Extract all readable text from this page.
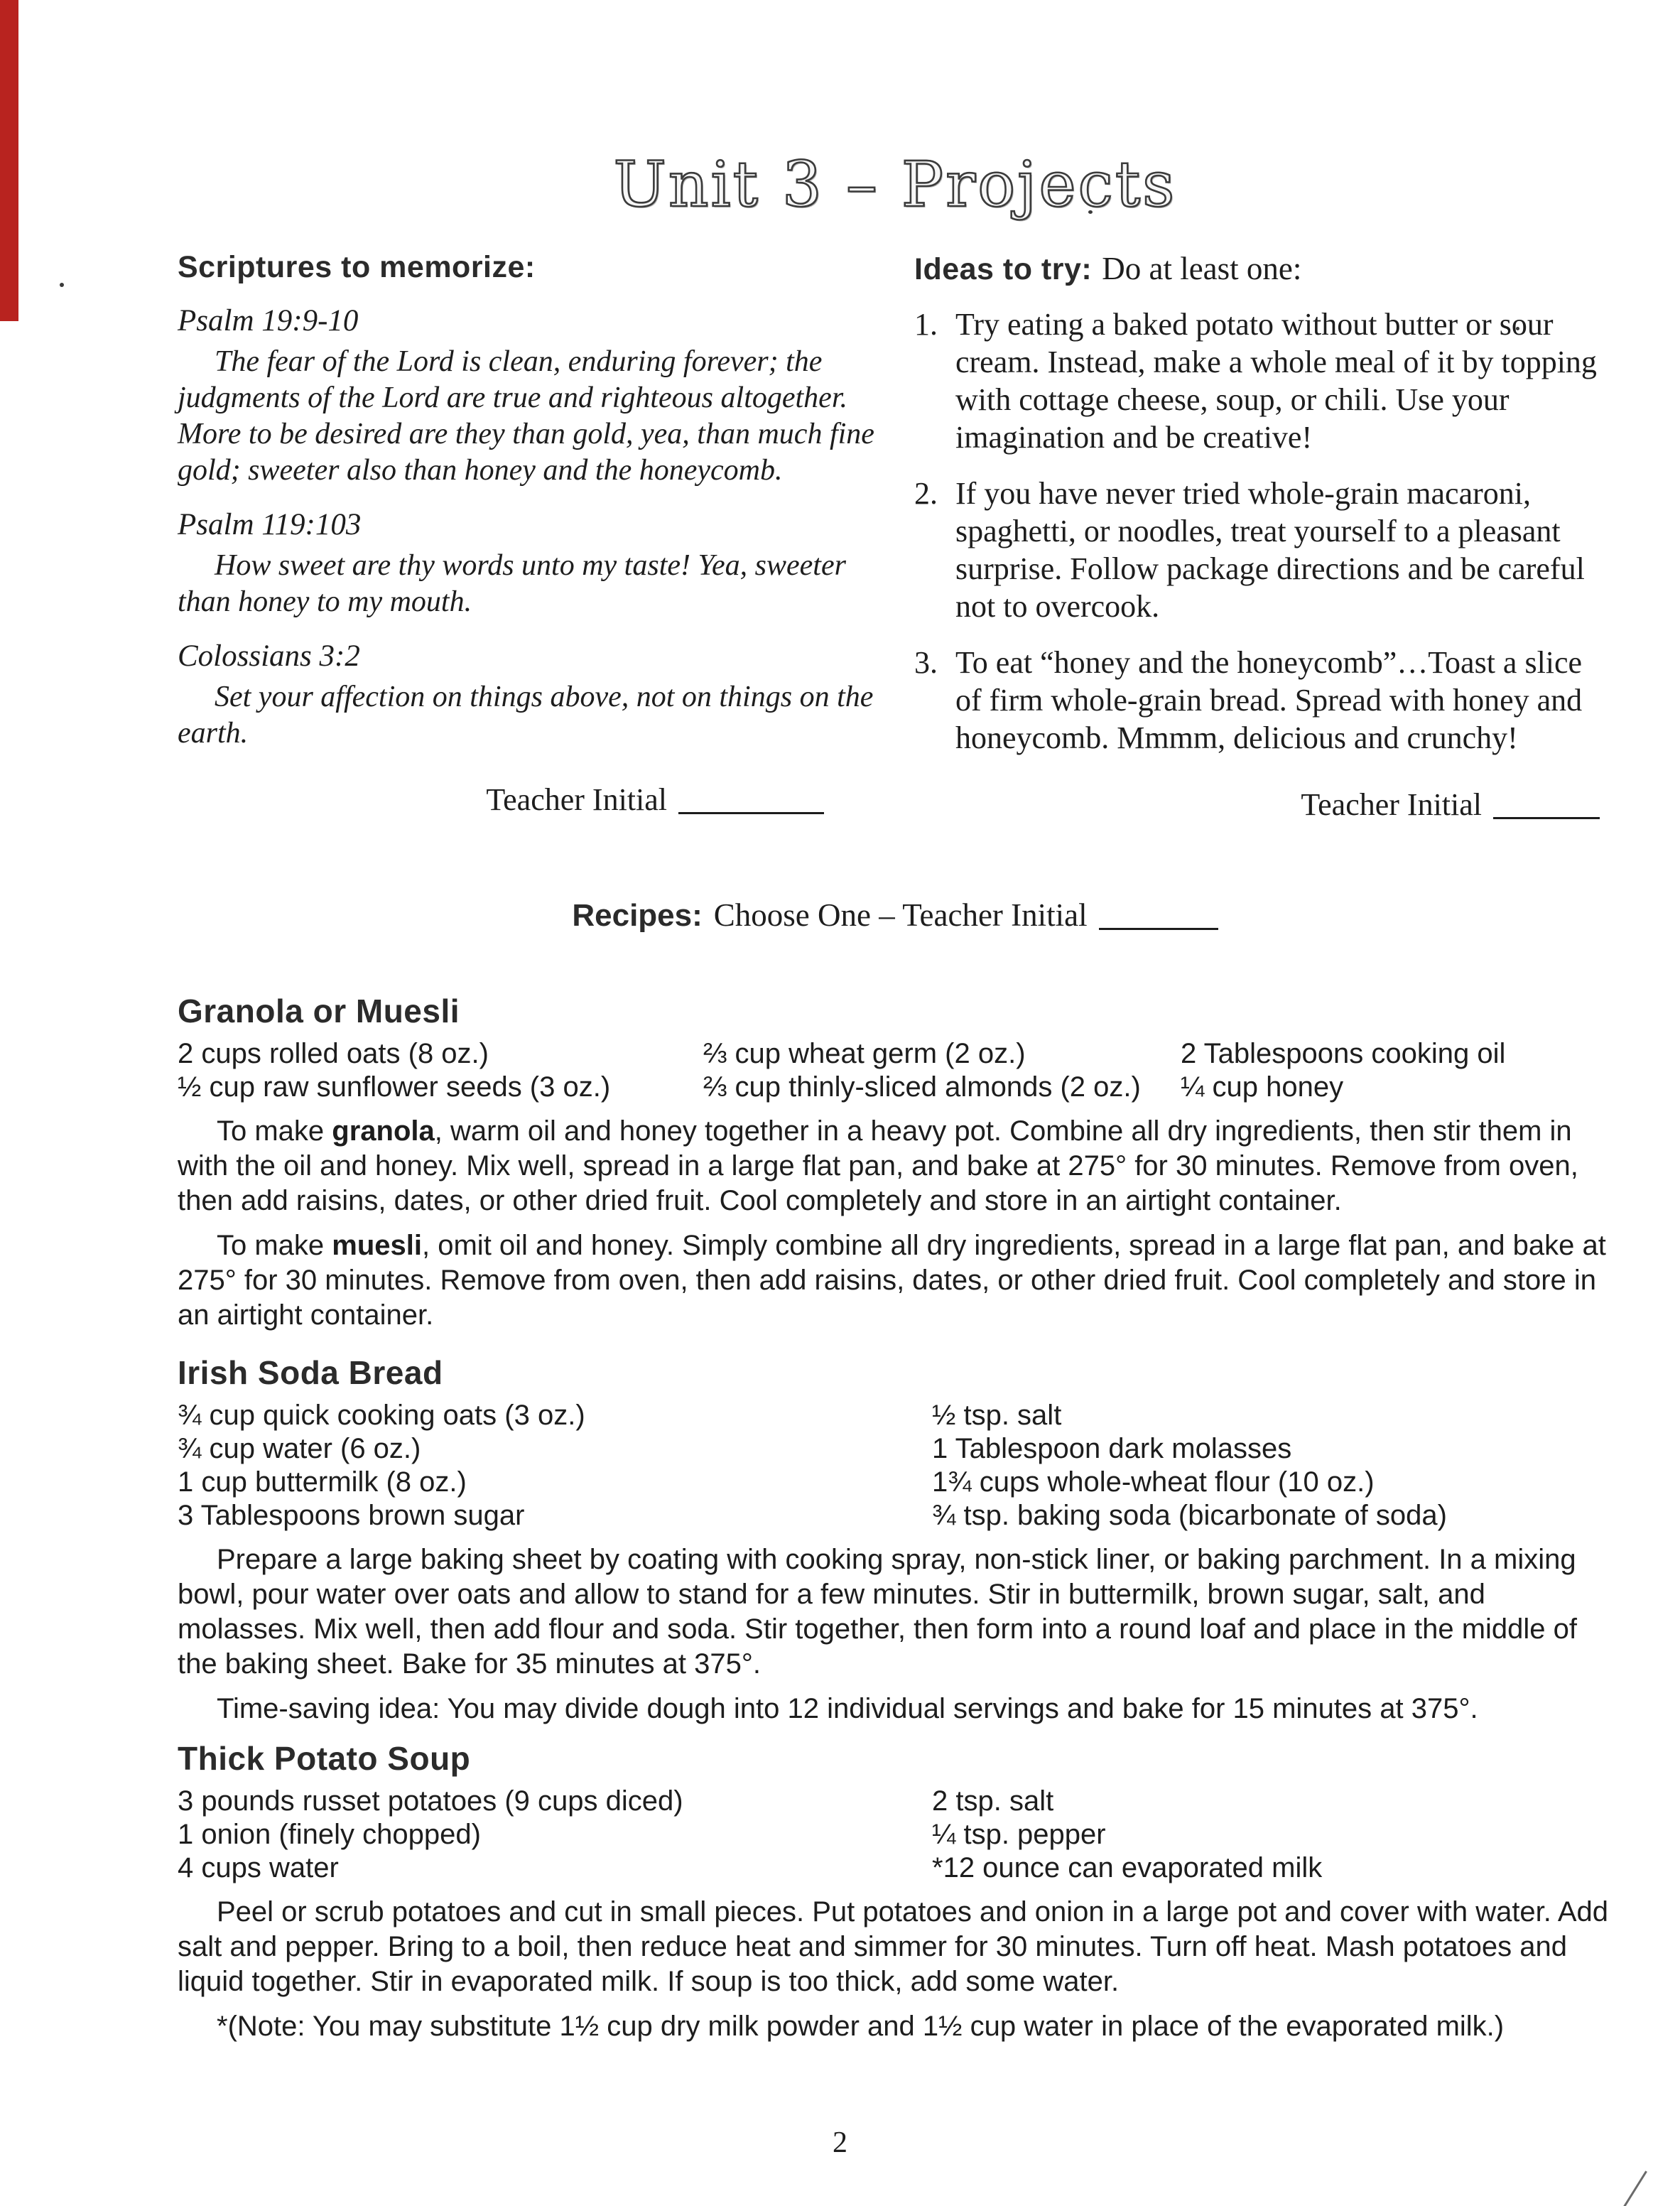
Unit 3 – Projects
Scriptures to memorize:
Psalm 19:9-10
The fear of the Lord is clean, enduring forever; the judgments of the Lord are true and righteous altogether. More to be desired are they than gold, yea, than much fine gold; sweeter also than honey and the honeycomb.
Psalm 119:103
How sweet are thy words unto my taste! Yea, sweeter than honey to my mouth.
Colossians 3:2
Set your affection on things above, not on things on the earth.
Teacher Initial
Ideas to try: Do at least one:
1. Try eating a baked potato without butter or sour cream. Instead, make a whole meal of it by topping with cottage cheese, soup, or chili. Use your imagination and be creative!
2. If you have never tried whole-grain macaroni, spaghetti, or noodles, treat yourself to a pleasant surprise. Follow package directions and be careful not to overcook.
3. To eat “honey and the honeycomb”…Toast a slice of firm whole-grain bread. Spread with honey and honeycomb. Mmmm, delicious and crunchy!
Teacher Initial
Recipes: Choose One – Teacher Initial
Granola or Muesli
2 cups rolled oats (8 oz.)
½ cup raw sunflower seeds (3 oz.)
⅔ cup wheat germ (2 oz.)
⅔ cup thinly-sliced almonds (2 oz.)
2 Tablespoons cooking oil
¼ cup honey
To make granola, warm oil and honey together in a heavy pot. Combine all dry ingredients, then stir them in with the oil and honey. Mix well, spread in a large flat pan, and bake at 275° for 30 minutes. Remove from oven, then add raisins, dates, or other dried fruit. Cool completely and store in an airtight container.
To make muesli, omit oil and honey. Simply combine all dry ingredients, spread in a large flat pan, and bake at 275° for 30 minutes. Remove from oven, then add raisins, dates, or other dried fruit. Cool completely and store in an airtight container.
Irish Soda Bread
¾ cup quick cooking oats (3 oz.)
¾ cup water (6 oz.)
1 cup buttermilk (8 oz.)
3 Tablespoons brown sugar
½ tsp. salt
1 Tablespoon dark molasses
1¾ cups whole-wheat flour (10 oz.)
¾ tsp. baking soda (bicarbonate of soda)
Prepare a large baking sheet by coating with cooking spray, non-stick liner, or baking parchment. In a mixing bowl, pour water over oats and allow to stand for a few minutes. Stir in buttermilk, brown sugar, salt, and molasses. Mix well, then add flour and soda. Stir together, then form into a round loaf and place in the middle of the baking sheet. Bake for 35 minutes at 375°.
Time-saving idea: You may divide dough into 12 individual servings and bake for 15 minutes at 375°.
Thick Potato Soup
3 pounds russet potatoes (9 cups diced)
1 onion (finely chopped)
4 cups water
2 tsp. salt
¼ tsp. pepper
*12 ounce can evaporated milk
Peel or scrub potatoes and cut in small pieces. Put potatoes and onion in a large pot and cover with water. Add salt and pepper. Bring to a boil, then reduce heat and simmer for 30 minutes. Turn off heat. Mash potatoes and liquid together. Stir in evaporated milk. If soup is too thick, add some water.
*(Note: You may substitute 1½ cup dry milk powder and 1½ cup water in place of the evaporated milk.)
2
